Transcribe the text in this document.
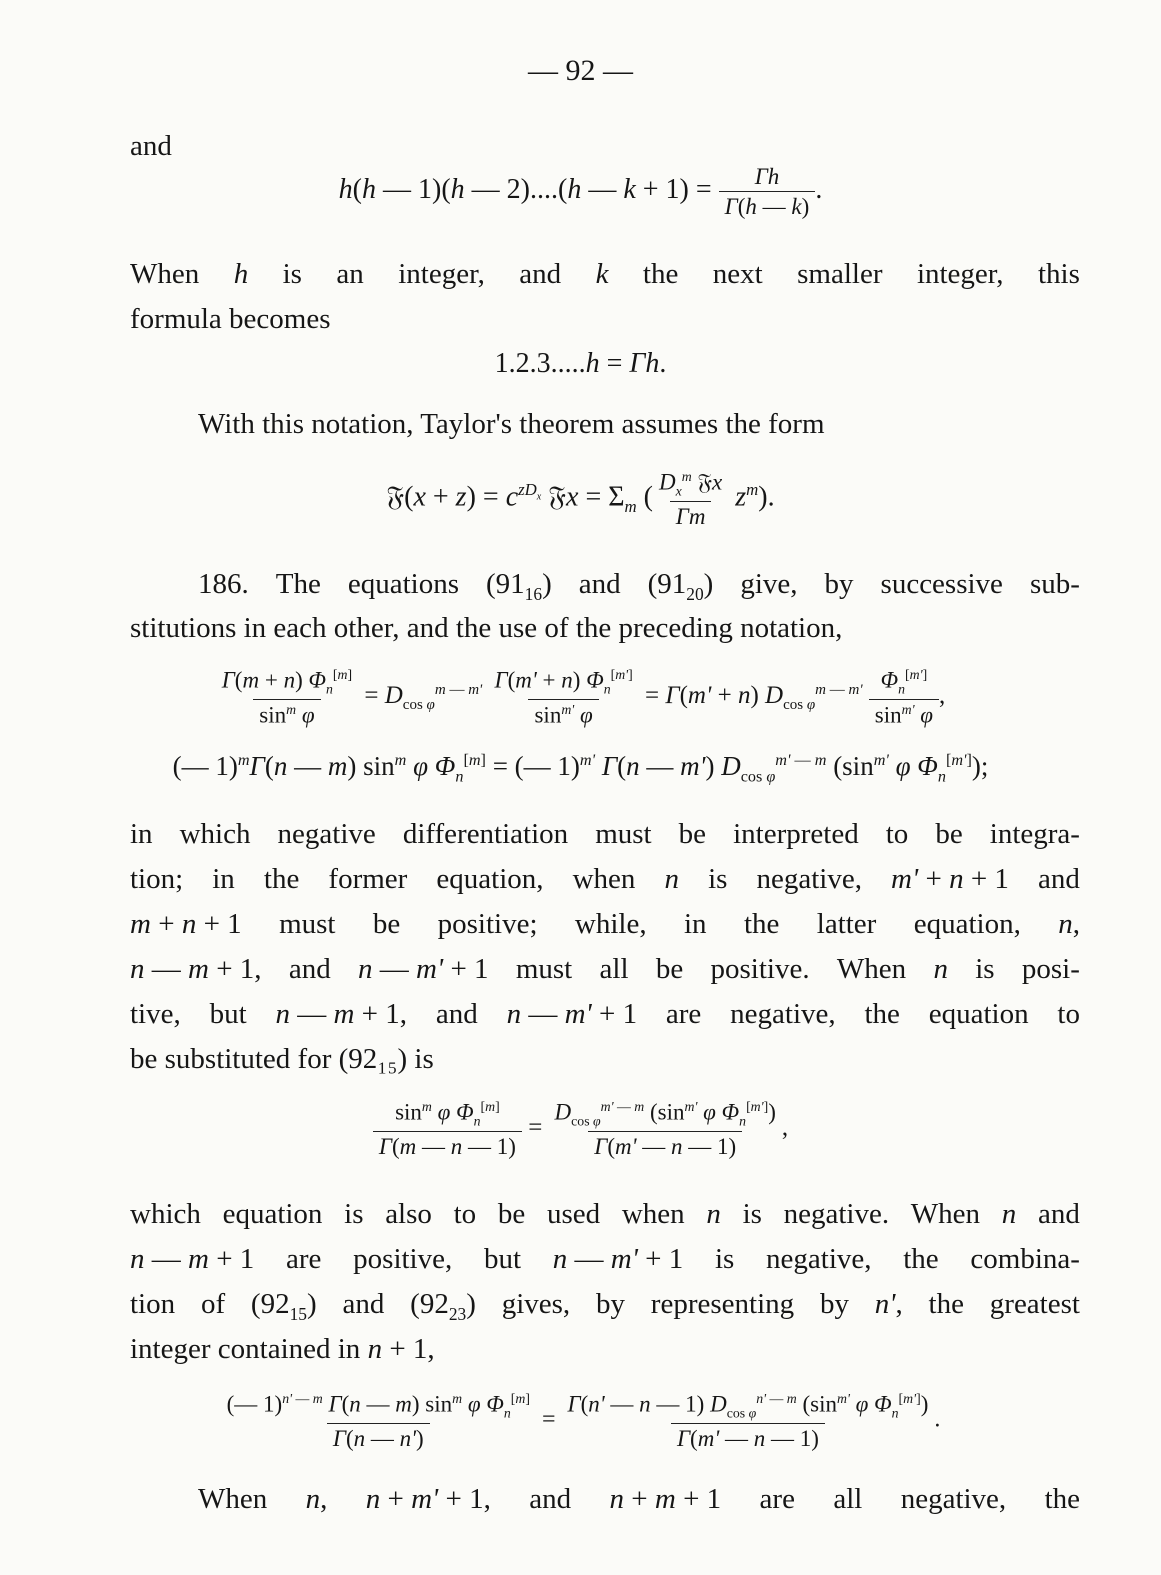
— 92 —
and
h(h — 1)(h — 2)....(h — $k + 1) = \frac{\Gamma h}{\Gamma(h — k)}$ .
When h is an integer, and k the next smaller integer, this
formula becomes
1.2.3.....h = Γh.
With this notation, Taylor's theorem assumes the form
𝔉(x + $z) = c^{zD_x}$ 𝔉x = $\Sigma_m$ ( $\frac{D_x^m 𝔉x}{\Gamma m} z^m$).
186. The equations $(91_{16})$ and $(91_{20})$ give, by successive sub-
stitutions in each other, and the use of the preceding notation,
$\frac{\Gamma(m + n) \Phi_n^{[m]}}{\sin^m \varphi} = D_{cos \varphi}^{m — m'} \frac{\Gamma(m' + n) \Phi_n^{[m']}}{\sin^{m'} \varphi} = \Gamma(m' + n)$ $D_{cos \varphi}^{m — m'} \frac{\Phi_n^{[m']}}{\sin^{m'} \varphi}$ ,
(— 1)$^m$Γ(n — m) $\sin^m \varphi$ $\Phi_n[m]$ = (— 1)$^{m'}$ Γ(n — m') $D_{cos \varphi}^{m' — m}$ ($\sin^{m'}$ φ $\Phi_n[m']$);
in which negative differentiation must be interpreted to be integra-
tion; in the former equation, when n is negative, m' + n + 1 and
m + n + 1 must be positive; while, in the latter equation, n,
n — m + 1, and n — m' + 1 must all be positive. When n is posi-
tive, but n — m + 1, and n — m' + 1 are negative, the equation to
be substituted for (92₁₅) is
$\frac{\sin^m \varphi \Phi_n^{[m]}}{\Gamma(m — n — 1)} = \frac{D_{cos \varphi}^{m' — m} (\sin^{m'} \varphi \Phi_n^{[m']})}{\Gamma(m' — n — 1)}$ ,
which equation is also to be used when n is negative. When n and
n — m + 1 are positive, but n — m' + 1 is negative, the combina-
tion of $(92_{15})$ and $(92_{23})$ gives, by representing by n', the greatest
integer contained in n + 1,
$\frac{(— 1)^{n' — m} \Gamma(n — m) \sin^m \varphi \Phi_n^{[m]}}{\Gamma(n — n')} = \frac{\Gamma(n' — n — 1) D_{cos \varphi}^{n' — m} (\sin^{m'} \varphi \Phi_n^{[m']})}{\Gamma(m' — n — 1)}$ .
When n, n + m' + 1, and n + m + 1 are all negative, the
